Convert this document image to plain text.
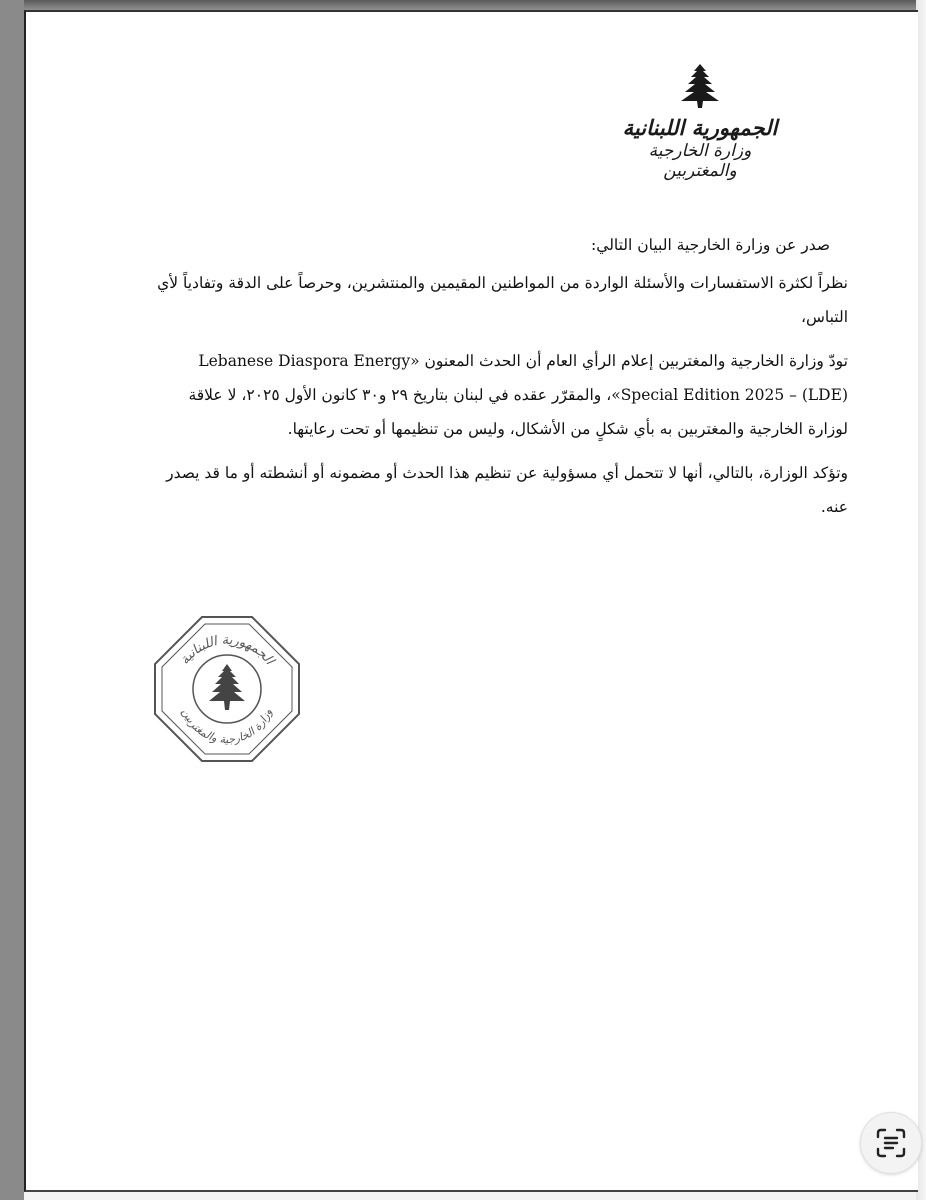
الجمهورية اللبنانية
وزارة الخارجية والمغتربين

صدر عن وزارة الخارجية البيان التالي:

نظراً لكثرة الاستفسارات والأسئلة الواردة من المواطنين المقيمين والمنتشرين، وحرصاً على الدقة وتفادياً لأي

التباس،

تودّ وزارة الخارجية والمغتربين إعلام الرأي العام أن الحدث المعنون «Lebanese Diaspora Energy

(LDE) – Special Edition 2025»، والمقرّر عقده في لبنان بتاريخ ٢٩ و٣٠ كانون الأول ٢٠٢٥، لا علاقة

لوزارة الخارجية والمغتربين به بأي شكلٍ من الأشكال، وليس من تنظيمها أو تحت رعايتها.

وتؤكد الوزارة، بالتالي، أنها لا تتحمل أي مسؤولية عن تنظيم هذا الحدث أو مضمونه أو أنشطته أو ما قد يصدر

عنه.

الجمهورية اللبنانية
وزارة الخارجية والمغتربين
